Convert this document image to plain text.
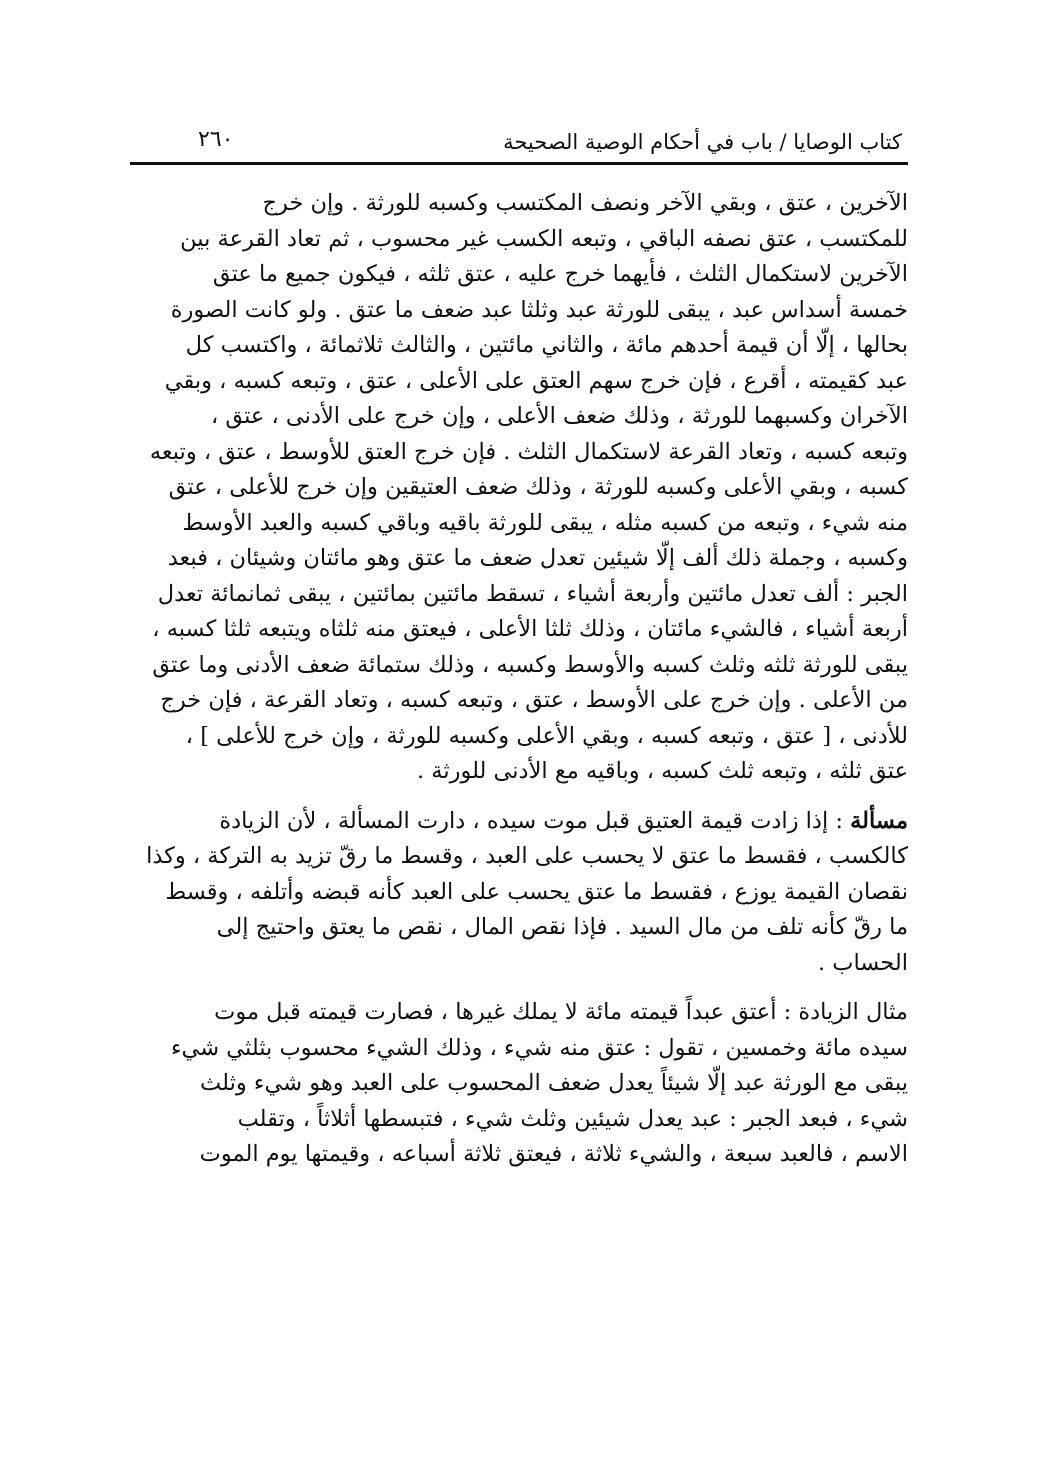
كتاب الوصايا / باب في أحكام الوصية الصحيحة
٢٦٠

الآخرين ، عتق ، وبقي الآخر ونصف المكتسب وكسبه للورثة . وإن خرج
للمكتسب ، عتق نصفه الباقي ، وتبعه الكسب غير محسوب ، ثم تعاد القرعة بين
الآخرين لاستكمال الثلث ، فأيهما خرج عليه ، عتق ثلثه ، فيكون جميع ما عتق
خمسة أسداس عبد ، يبقى للورثة عبد وثلثا عبد ضعف ما عتق . ولو كانت الصورة
بحالها ، إلّا أن قيمة أحدهم مائة ، والثاني مائتين ، والثالث ثلاثمائة ، واكتسب كل
عبد كقيمته ، أقرع ، فإن خرج سهم العتق على الأعلى ، عتق ، وتبعه كسبه ، وبقي
الآخران وكسبهما للورثة ، وذلك ضعف الأعلى ، وإن خرج على الأدنى ، عتق ،
وتبعه كسبه ، وتعاد القرعة لاستكمال الثلث . فإن خرج العتق للأوسط ، عتق ، وتبعه
كسبه ، وبقي الأعلى وكسبه للورثة ، وذلك ضعف العتيقين وإن خرج للأعلى ، عتق
منه شيء ، وتبعه من كسبه مثله ، يبقى للورثة باقيه وباقي كسبه والعبد الأوسط
وكسبه ، وجملة ذلك ألف إلّا شيئين تعدل ضعف ما عتق وهو مائتان وشيئان ، فبعد
الجبر : ألف تعدل مائتين وأربعة أشياء ، تسقط مائتين بمائتين ، يبقى ثمانمائة تعدل
أربعة أشياء ، فالشيء مائتان ، وذلك ثلثا الأعلى ، فيعتق منه ثلثاه ويتبعه ثلثا كسبه ،
يبقى للورثة ثلثه وثلث كسبه والأوسط وكسبه ، وذلك ستمائة ضعف الأدنى وما عتق
من الأعلى . وإن خرج على الأوسط ، عتق ، وتبعه كسبه ، وتعاد القرعة ، فإن خرج
للأدنى ، [ عتق ، وتبعه كسبه ، وبقي الأعلى وكسبه للورثة ، وإن خرج للأعلى ] ،
عتق ثلثه ، وتبعه ثلث كسبه ، وباقيه مع الأدنى للورثة .

مسألة : إذا زادت قيمة العتيق قبل موت سيده ، دارت المسألة ، لأن الزيادة
كالكسب ، فقسط ما عتق لا يحسب على العبد ، وقسط ما رقّ تزيد به التركة ، وكذا
نقصان القيمة يوزع ، فقسط ما عتق يحسب على العبد كأنه قبضه وأتلفه ، وقسط
ما رقّ كأنه تلف من مال السيد . فإذا نقص المال ، نقص ما يعتق واحتيج إلى
الحساب .

مثال الزيادة : أعتق عبداً قيمته مائة لا يملك غيرها ، فصارت قيمته قبل موت
سيده مائة وخمسين ، تقول : عتق منه شيء ، وذلك الشيء محسوب بثلثي شيء
يبقى مع الورثة عبد إلّا شيئاً يعدل ضعف المحسوب على العبد وهو شيء وثلث
شيء ، فبعد الجبر : عبد يعدل شيئين وثلث شيء ، فتبسطها أثلاثاً ، وتقلب
الاسم ، فالعبد سبعة ، والشيء ثلاثة ، فيعتق ثلاثة أسباعه ، وقيمتها يوم الموت
